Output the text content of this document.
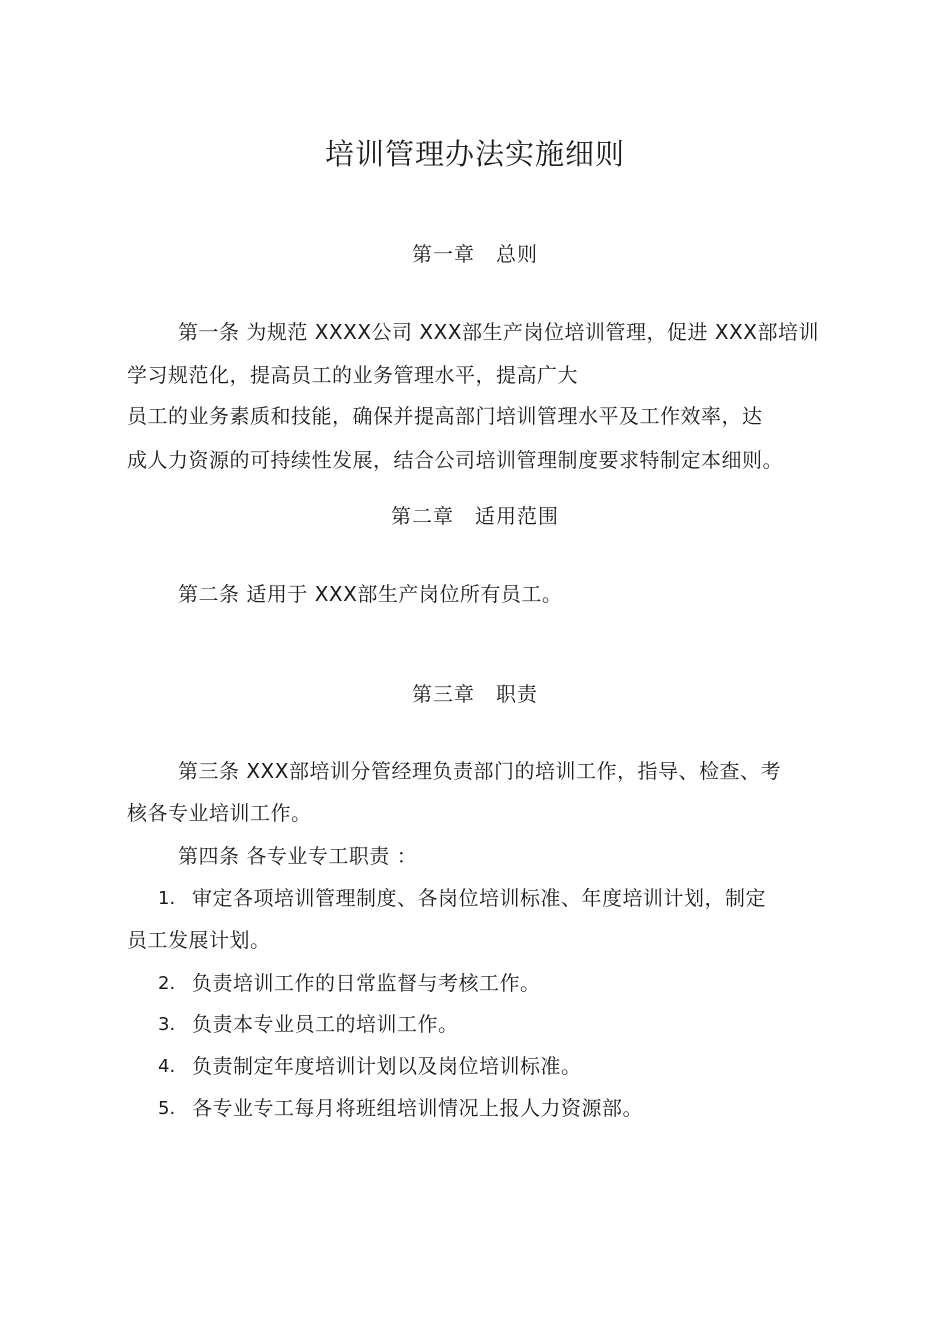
培训管理办法实施细则
第一章　总则
第一条 为规范 XXXX公司 XXX部生产岗位培训管理，促进 XXX部培训
学习规范化，提高员工的业务管理水平，提高广大
员工的业务素质和技能，确保并提高部门培训管理水平及工作效率，达
成人力资源的可持续性发展，结合公司培训管理制度要求特制定本细则。
第二章　适用范围
第二条 适用于 XXX部生产岗位所有员工。
第三章　职责
第三条 XXX部培训分管经理负责部门的培训工作，指导、检查、考
核各专业培训工作。
第四条 各专业专工职责 ：
1. 审定各项培训管理制度、各岗位培训标准、年度培训计划，制定
员工发展计划。
2. 负责培训工作的日常监督与考核工作。
3. 负责本专业员工的培训工作。
4. 负责制定年度培训计划以及岗位培训标准。
5. 各专业专工每月将班组培训情况上报人力资源部。
